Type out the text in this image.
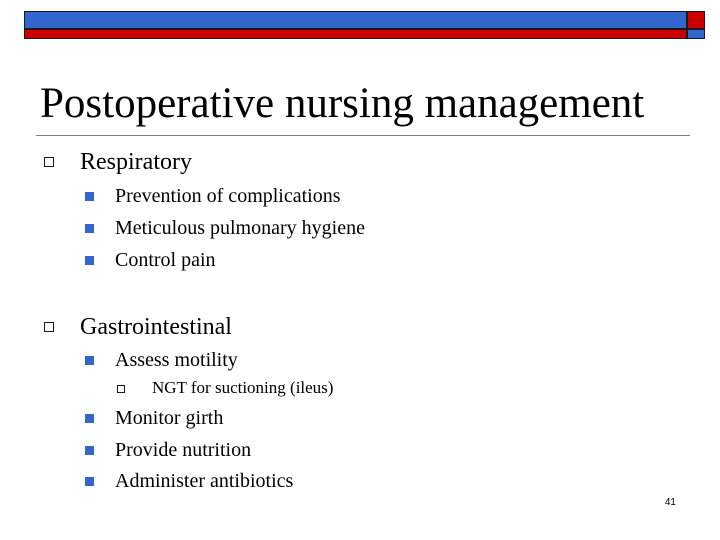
Postoperative nursing management
Respiratory
Prevention of complications
Meticulous pulmonary hygiene
Control pain
Gastrointestinal
Assess motility
NGT for suctioning (ileus)
Monitor girth
Provide nutrition
Administer antibiotics
41
